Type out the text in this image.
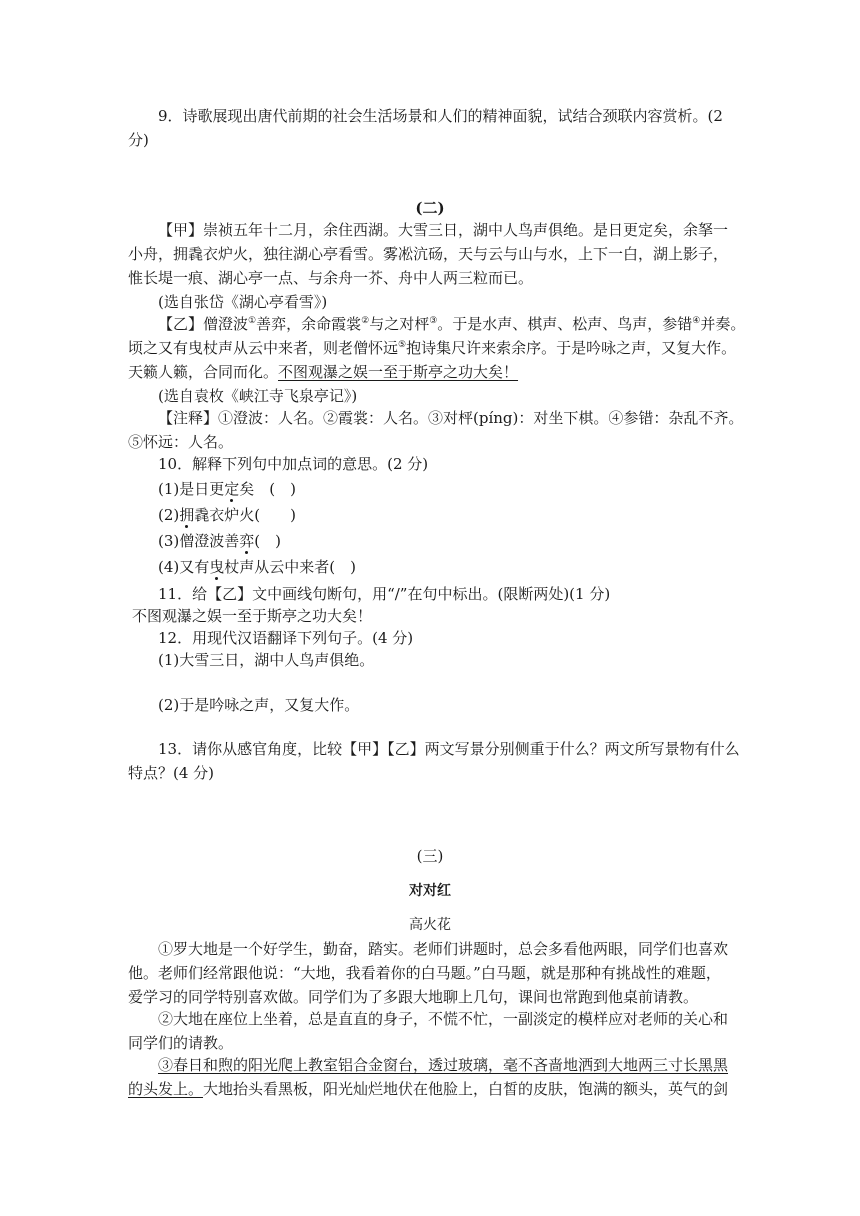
9．诗歌展现出唐代前期的社会生活场景和人们的精神面貌，试结合颈联内容赏析。(2
分)
(二)
【甲】崇祯五年十二月，余住西湖。大雪三日，湖中人鸟声俱绝。是日更定矣，余拏一
小舟，拥毳衣炉火，独往湖心亭看雪。雾凇沆砀，天与云与山与水，上下一白，湖上影子，
惟长堤一痕、湖心亭一点、与余舟一芥、舟中人两三粒而已。
(选自张岱《湖心亭看雪》)
【乙】僧澄波①善弈，余命霞裳②与之对枰③。于是水声、棋声、松声、鸟声，参错④并奏。
顷之又有曳杖声从云中来者，则老僧怀远⑤抱诗集尺许来索余序。于是吟咏之声，又复大作。
天籁人籁，合同而化。不图观瀑之娱一至于斯亭之功大矣！
(选自袁枚《峡江寺飞泉亭记》)
【注释】①澄波：人名。②霞裳：人名。③对枰(píng)：对坐下棋。④参错：杂乱不齐。
⑤怀远：人名。
10．解释下列句中加点词的意思。(2 分)
(1)是日更定矣　(　)
(2)拥毳衣炉火(　　)
(3)僧澄波善弈(　)
(4)又有曳杖声从云中来者(　)
11．给【乙】文中画线句断句，用“/”在句中标出。(限断两处)(1 分)
不图观瀑之娱一至于斯亭之功大矣！
12．用现代汉语翻译下列句子。(4 分)
(1)大雪三日，湖中人鸟声俱绝。
(2)于是吟咏之声，又复大作。
13．请你从感官角度，比较【甲】【乙】两文写景分别侧重于什么？两文所写景物有什么
特点？(4 分)
(三)
对对红
高火花
①罗大地是一个好学生，勤奋，踏实。老师们讲题时，总会多看他两眼，同学们也喜欢
他。老师们经常跟他说：“大地，我看着你的白马题。”白马题，就是那种有挑战性的难题，
爱学习的同学特别喜欢做。同学们为了多跟大地聊上几句，课间也常跑到他桌前请教。
②大地在座位上坐着，总是直直的身子，不慌不忙，一副淡定的模样应对老师的关心和
同学们的请教。
③春日和煦的阳光爬上教室铝合金窗台，透过玻璃，毫不吝啬地洒到大地两三寸长黑黑
的头发上。大地抬头看黑板，阳光灿烂地伏在他脸上，白皙的皮肤，饱满的额头，英气的剑
